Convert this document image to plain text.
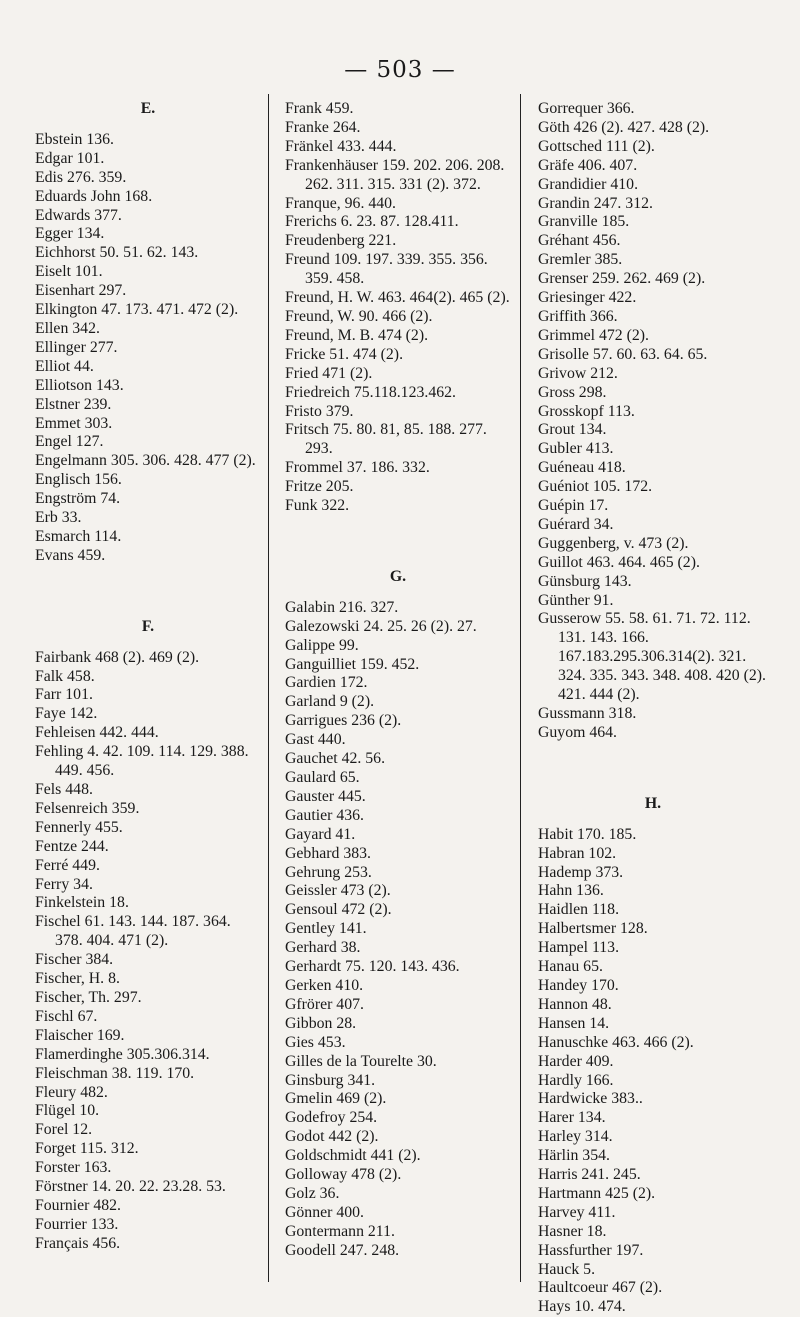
— 503 —
E.
Ebstein 136.
Edgar 101.
Edis 276. 359.
Eduards John 168.
Edwards 377.
Egger 134.
Eichhorst 50. 51. 62. 143.
Eiselt 101.
Eisenhart 297.
Elkington 47. 173. 471. 472 (2).
Ellen 342.
Ellinger 277.
Elliot 44.
Elliotson 143.
Elstner 239.
Emmet 303.
Engel 127.
Engelmann 305. 306. 428. 477 (2).
Englisch 156.
Engström 74.
Erb 33.
Esmarch 114.
Evans 459.
F.
Fairbank 468 (2). 469 (2).
Falk 458.
Farr 101.
Faye 142.
Fehleisen 442. 444.
Fehling 4. 42. 109. 114. 129. 388. 449. 456.
Fels 448.
Felsenreich 359.
Fennerly 455.
Fentze 244.
Ferré 449.
Ferry 34.
Finkelstein 18.
Fischel 61. 143. 144. 187. 364. 378. 404. 471 (2).
Fischer 384.
Fischer, H. 8.
Fischer, Th. 297.
Fischl 67.
Flaischer 169.
Flamerdinghe 305.306.314.
Fleischman 38. 119. 170.
Fleury 482.
Flügel 10.
Forel 12.
Forget 115. 312.
Forster 163.
Förstner 14. 20. 22. 23.28. 53.
Fournier 482.
Fourrier 133.
Français 456.
Frank 459.
Franke 264.
Fränkel 433. 444.
Frankenhäuser 159. 202. 206. 208. 262. 311. 315. 331 (2). 372.
Franque, 96. 440.
Frerichs 6. 23. 87. 128.411.
Freudenberg 221.
Freund 109. 197. 339. 355. 356. 359. 458.
Freund, H. W. 463. 464(2). 465 (2).
Freund, W. 90. 466 (2).
Freund, M. B. 474 (2).
Fricke 51. 474 (2).
Fried 471 (2).
Friedreich 75.118.123.462.
Fristo 379.
Fritsch 75. 80. 81, 85. 188. 277. 293.
Frommel 37. 186. 332.
Fritze 205.
Funk 322.
G.
Galabin 216. 327.
Galezowski 24. 25. 26 (2). 27.
Galippe 99.
Ganguilliet 159. 452.
Gardien 172.
Garland 9 (2).
Garrigues 236 (2).
Gast 440.
Gauchet 42. 56.
Gaulard 65.
Gauster 445.
Gautier 436.
Gayard 41.
Gebhard 383.
Gehrung 253.
Geissler 473 (2).
Gensoul 472 (2).
Gentley 141.
Gerhard 38.
Gerhardt 75. 120. 143. 436.
Gerken 410.
Gfrörer 407.
Gibbon 28.
Gies 453.
Gilles de la Tourelte 30.
Ginsburg 341.
Gmelin 469 (2).
Godefroy 254.
Godot 442 (2).
Goldschmidt 441 (2).
Golloway 478 (2).
Golz 36.
Gönner 400.
Gontermann 211.
Goodell 247. 248.
Gorrequer 366.
Göth 426 (2). 427. 428 (2).
Gottsched 111 (2).
Gräfe 406. 407.
Grandidier 410.
Grandin 247. 312.
Granville 185.
Gréhant 456.
Gremler 385.
Grenser 259. 262. 469 (2).
Griesinger 422.
Griffith 366.
Grimmel 472 (2).
Grisolle 57. 60. 63. 64. 65.
Grivow 212.
Gross 298.
Grosskopf 113.
Grout 134.
Gubler 413.
Guéneau 418.
Guéniot 105. 172.
Guépin 17.
Guérard 34.
Guggenberg, v. 473 (2).
Guillot 463. 464. 465 (2).
Günsburg 143.
Günther 91.
Gusserow 55. 58. 61. 71. 72. 112. 131. 143. 166. 167.183.295.306.314(2). 321. 324. 335. 343. 348. 408. 420 (2). 421. 444 (2).
Gussmann 318.
Guyom 464.
H.
Habit 170. 185.
Habran 102.
Hademp 373.
Hahn 136.
Haidlen 118.
Halbertsmer 128.
Hampel 113.
Hanau 65.
Handey 170.
Hannon 48.
Hansen 14.
Hanuschke 463. 466 (2).
Harder 409.
Hardly 166.
Hardwicke 383..
Harer 134.
Harley 314.
Härlin 354.
Harris 241. 245.
Hartmann 425 (2).
Harvey 411.
Hasner 18.
Hassfurther 197.
Hauck 5.
Haultcoeur 467 (2).
Hays 10. 474.
